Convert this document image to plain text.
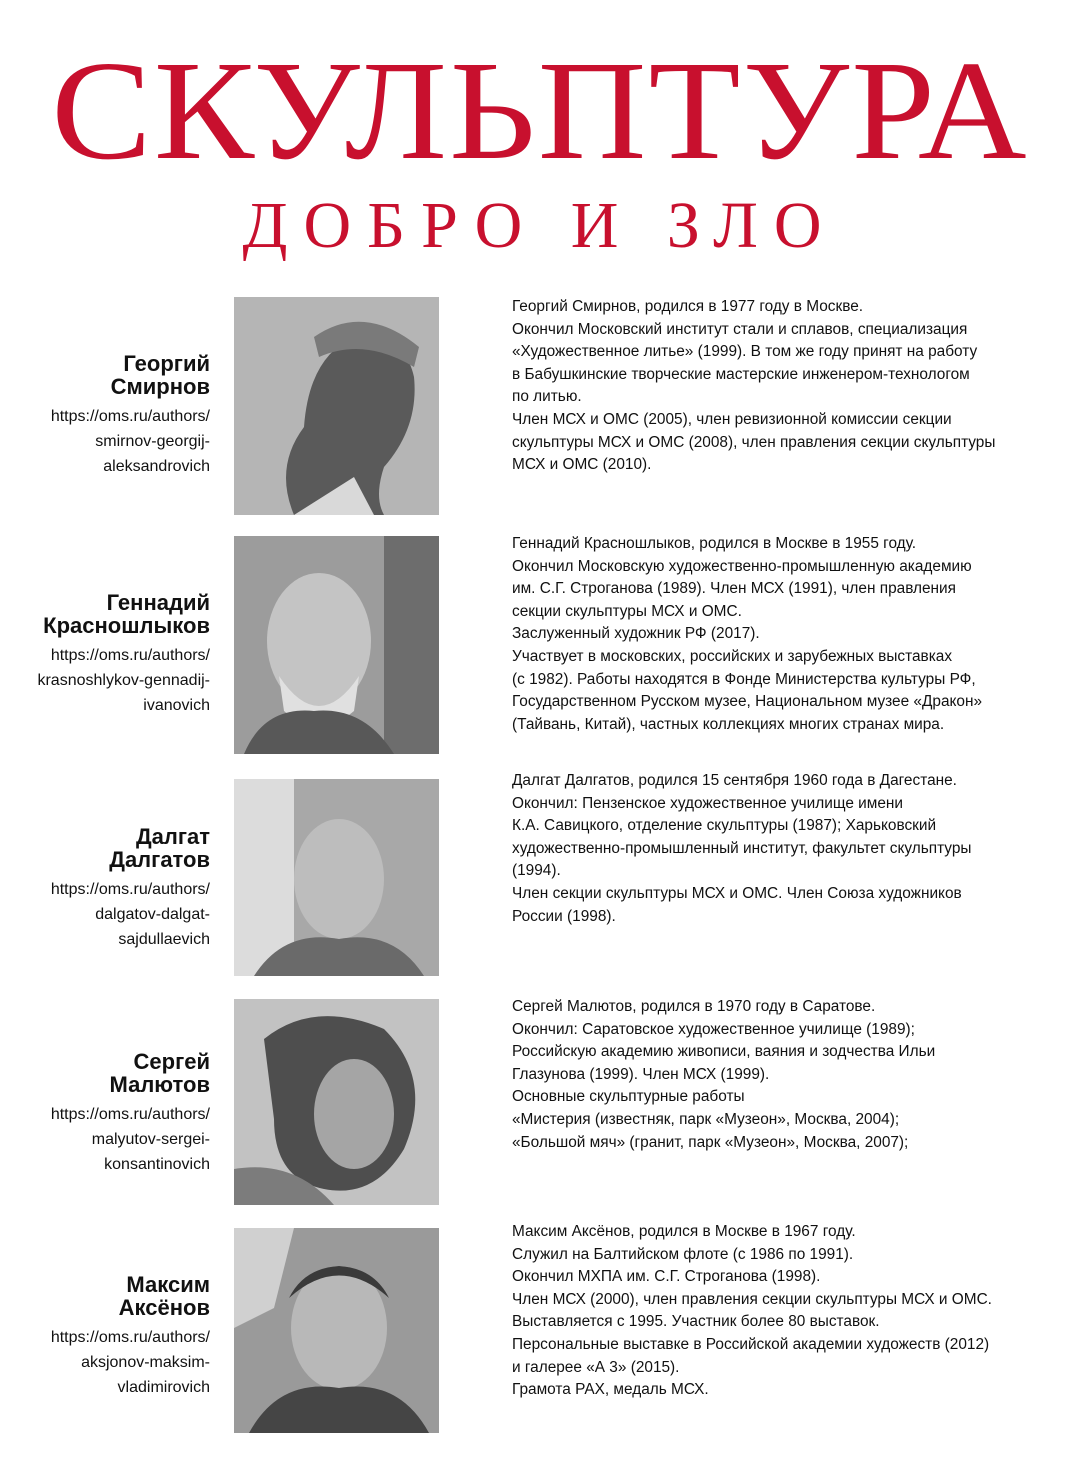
СКУЛЬПТУРА
ДОБРО И ЗЛО
Георгий
Смирнов
https://oms.ru/authors/
smirnov-georgij-
aleksandrovich
Георгий Смирнов, родился в 1977 году в Москве.
Окончил Московский институт стали и сплавов, специализация
«Художественное литье» (1999). В том же году принят на работу
в Бабушкинские творческие мастерские инженером-технологом
по литью.
Член МСХ и ОМС (2005), член ревизионной комиссии секции
скульптуры МСХ и ОМС (2008), член правления секции скульптуры
МСХ и ОМС (2010).
Геннадий
Красношлыков
https://oms.ru/authors/
krasnoshlykov-gennadij-
ivanovich
Геннадий Красношлыков, родился в Москве в 1955 году.
Окончил Московскую художественно-промышленную академию
им. С.Г. Строганова (1989). Член МСХ (1991), член правления
секции скульптуры МСХ и ОМС.
Заслуженный художник РФ (2017).
Участвует в московских, российских и зарубежных выставках
(с 1982). Работы находятся в Фонде Министерства культуры РФ,
Государственном Русском музее, Национальном музее «Дракон»
(Тайвань, Китай), частных коллекциях многих странах мира.
Далгат
Далгатов
https://oms.ru/authors/
dalgatov-dalgat-
sajdullaevich
Далгат Далгатов, родился 15 сентября 1960 года в Дагестане.
Окончил: Пензенское художественное училище имени
К.А. Савицкого, отделение скульптуры (1987); Харьковский
художественно-промышленный институт, факультет скульптуры
(1994).
Член секции скульптуры МСХ и ОМС. Член Союза художников
России (1998).
Сергей
Малютов
https://oms.ru/authors/
malyutov-sergei-
konsantinovich
Сергей Малютов, родился в 1970 году в Саратове.
Окончил: Саратовское художественное училище (1989);
Российскую академию живописи, ваяния и зодчества Ильи
Глазунова (1999). Член МСХ (1999).
Основные скульптурные работы
«Мистерия (известняк, парк «Музеон», Москва, 2004);
«Большой мяч» (гранит, парк «Музеон», Москва, 2007);
Максим
Аксёнов
https://oms.ru/authors/
aksjonov-maksim-
vladimirovich
Максим Аксёнов, родился в Москве в 1967 году.
Служил на Балтийском флоте (с 1986 по 1991).
Окончил МХПА им. С.Г. Строганова (1998).
Член МСХ (2000), член правления секции скульптуры МСХ и ОМС.
Выставляется с 1995. Участник более 80 выставок.
Персональные выставке в Российской академии художеств (2012)
и галерее «А 3» (2015).
Грамота РАХ, медаль МСХ.
